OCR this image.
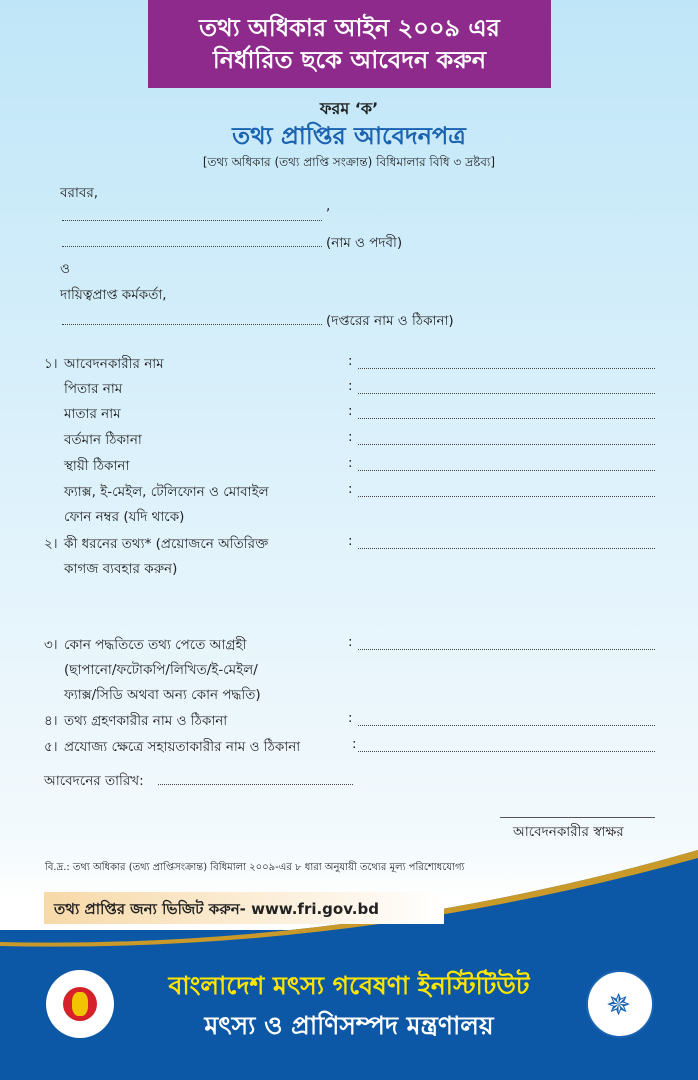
তথ্য অধিকার আইন ২০০৯ এর
নির্ধারিত ছকে আবেদন করুন
ফরম ‘ক’
তথ্য প্রাপ্তির আবেদনপত্র
[তথ্য অধিকার (তথ্য প্রাপ্তি সংক্রান্ত) বিধিমালার বিধি ৩ দ্রষ্টব্য]
বরাবর,
,
(নাম ও পদবী)
ও
দায়িত্বপ্রাপ্ত কর্মকর্তা,
(দপ্তরের নাম ও ঠিকানা)
১। আবেদনকারীর নাম	:
পিতার নাম	:
মাতার নাম	:
বর্তমান ঠিকানা	:
স্থায়ী ঠিকানা	:
ফ্যাক্স, ই-মেইল, টেলিফোন ও মোবাইল
ফোন নম্বর (যদি থাকে)
:
২। কী ধরনের তথ্য* (প্রয়োজনে অতিরিক্ত
কাগজ ব্যবহার করুন)
:
৩। কোন পদ্ধতিতে তথ্য পেতে আগ্রহী
(ছাপানো/ফটোকপি/লিখিত/ই-মেইল/
ফ্যাক্স/সিডি অথবা অন্য কোন পদ্ধতি)
:
৪। তথ্য গ্রহণকারীর নাম ও ঠিকানা	:
৫। প্রযোজ্য ক্ষেত্রে সহায়তাকারীর নাম ও ঠিকানা	:
আবেদনের তারিখ:
আবেদনকারীর স্বাক্ষর
বি.দ্র.: তথ্য অধিকার (তথ্য প্রাপ্তিসংক্রান্ত) বিধিমালা ২০০৯-এর ৮ ধারা অনুযায়ী তথ্যের মূল্য পরিশোধযোগ্য
তথ্য প্রাপ্তির জন্য ভিজিট করুন- www.fri.gov.bd
✵
বাংলাদেশ মৎস্য গবেষণা ইনস্টিটিউট
মৎস্য ও প্রাণিসম্পদ মন্ত্রণালয়
